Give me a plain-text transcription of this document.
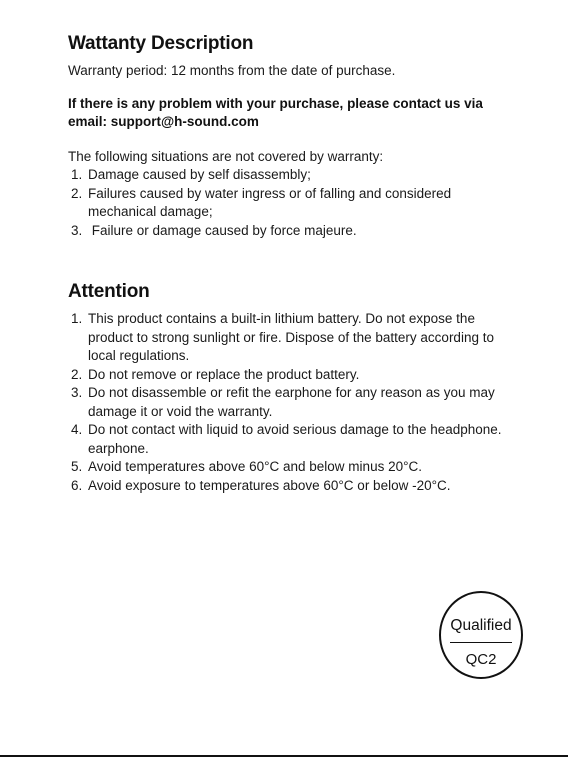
Wattanty Description

Warranty period: 12 months from the date of purchase.

If there is any problem with your purchase, please contact us via email: support@h-sound.com

The following situations are not covered by warranty:

1. Damage caused by self disassembly;
2. Failures caused by water ingress or of falling and considered mechanical damage;
3. Failure or damage caused by force majeure.
Attention
1. This product contains a built-in lithium battery. Do not expose the product to strong sunlight or fire. Dispose of the battery according to local regulations.
2. Do not remove or replace the product battery.
3. Do not disassemble or refit the earphone for any reason as you may damage it or void the warranty.
4. Do not contact with liquid to avoid serious damage to the headphone. earphone.
5. Avoid temperatures above 60°C and below minus 20°C.
6. Avoid exposure to temperatures above 60°C or below -20°C.
Qualified
QC2
